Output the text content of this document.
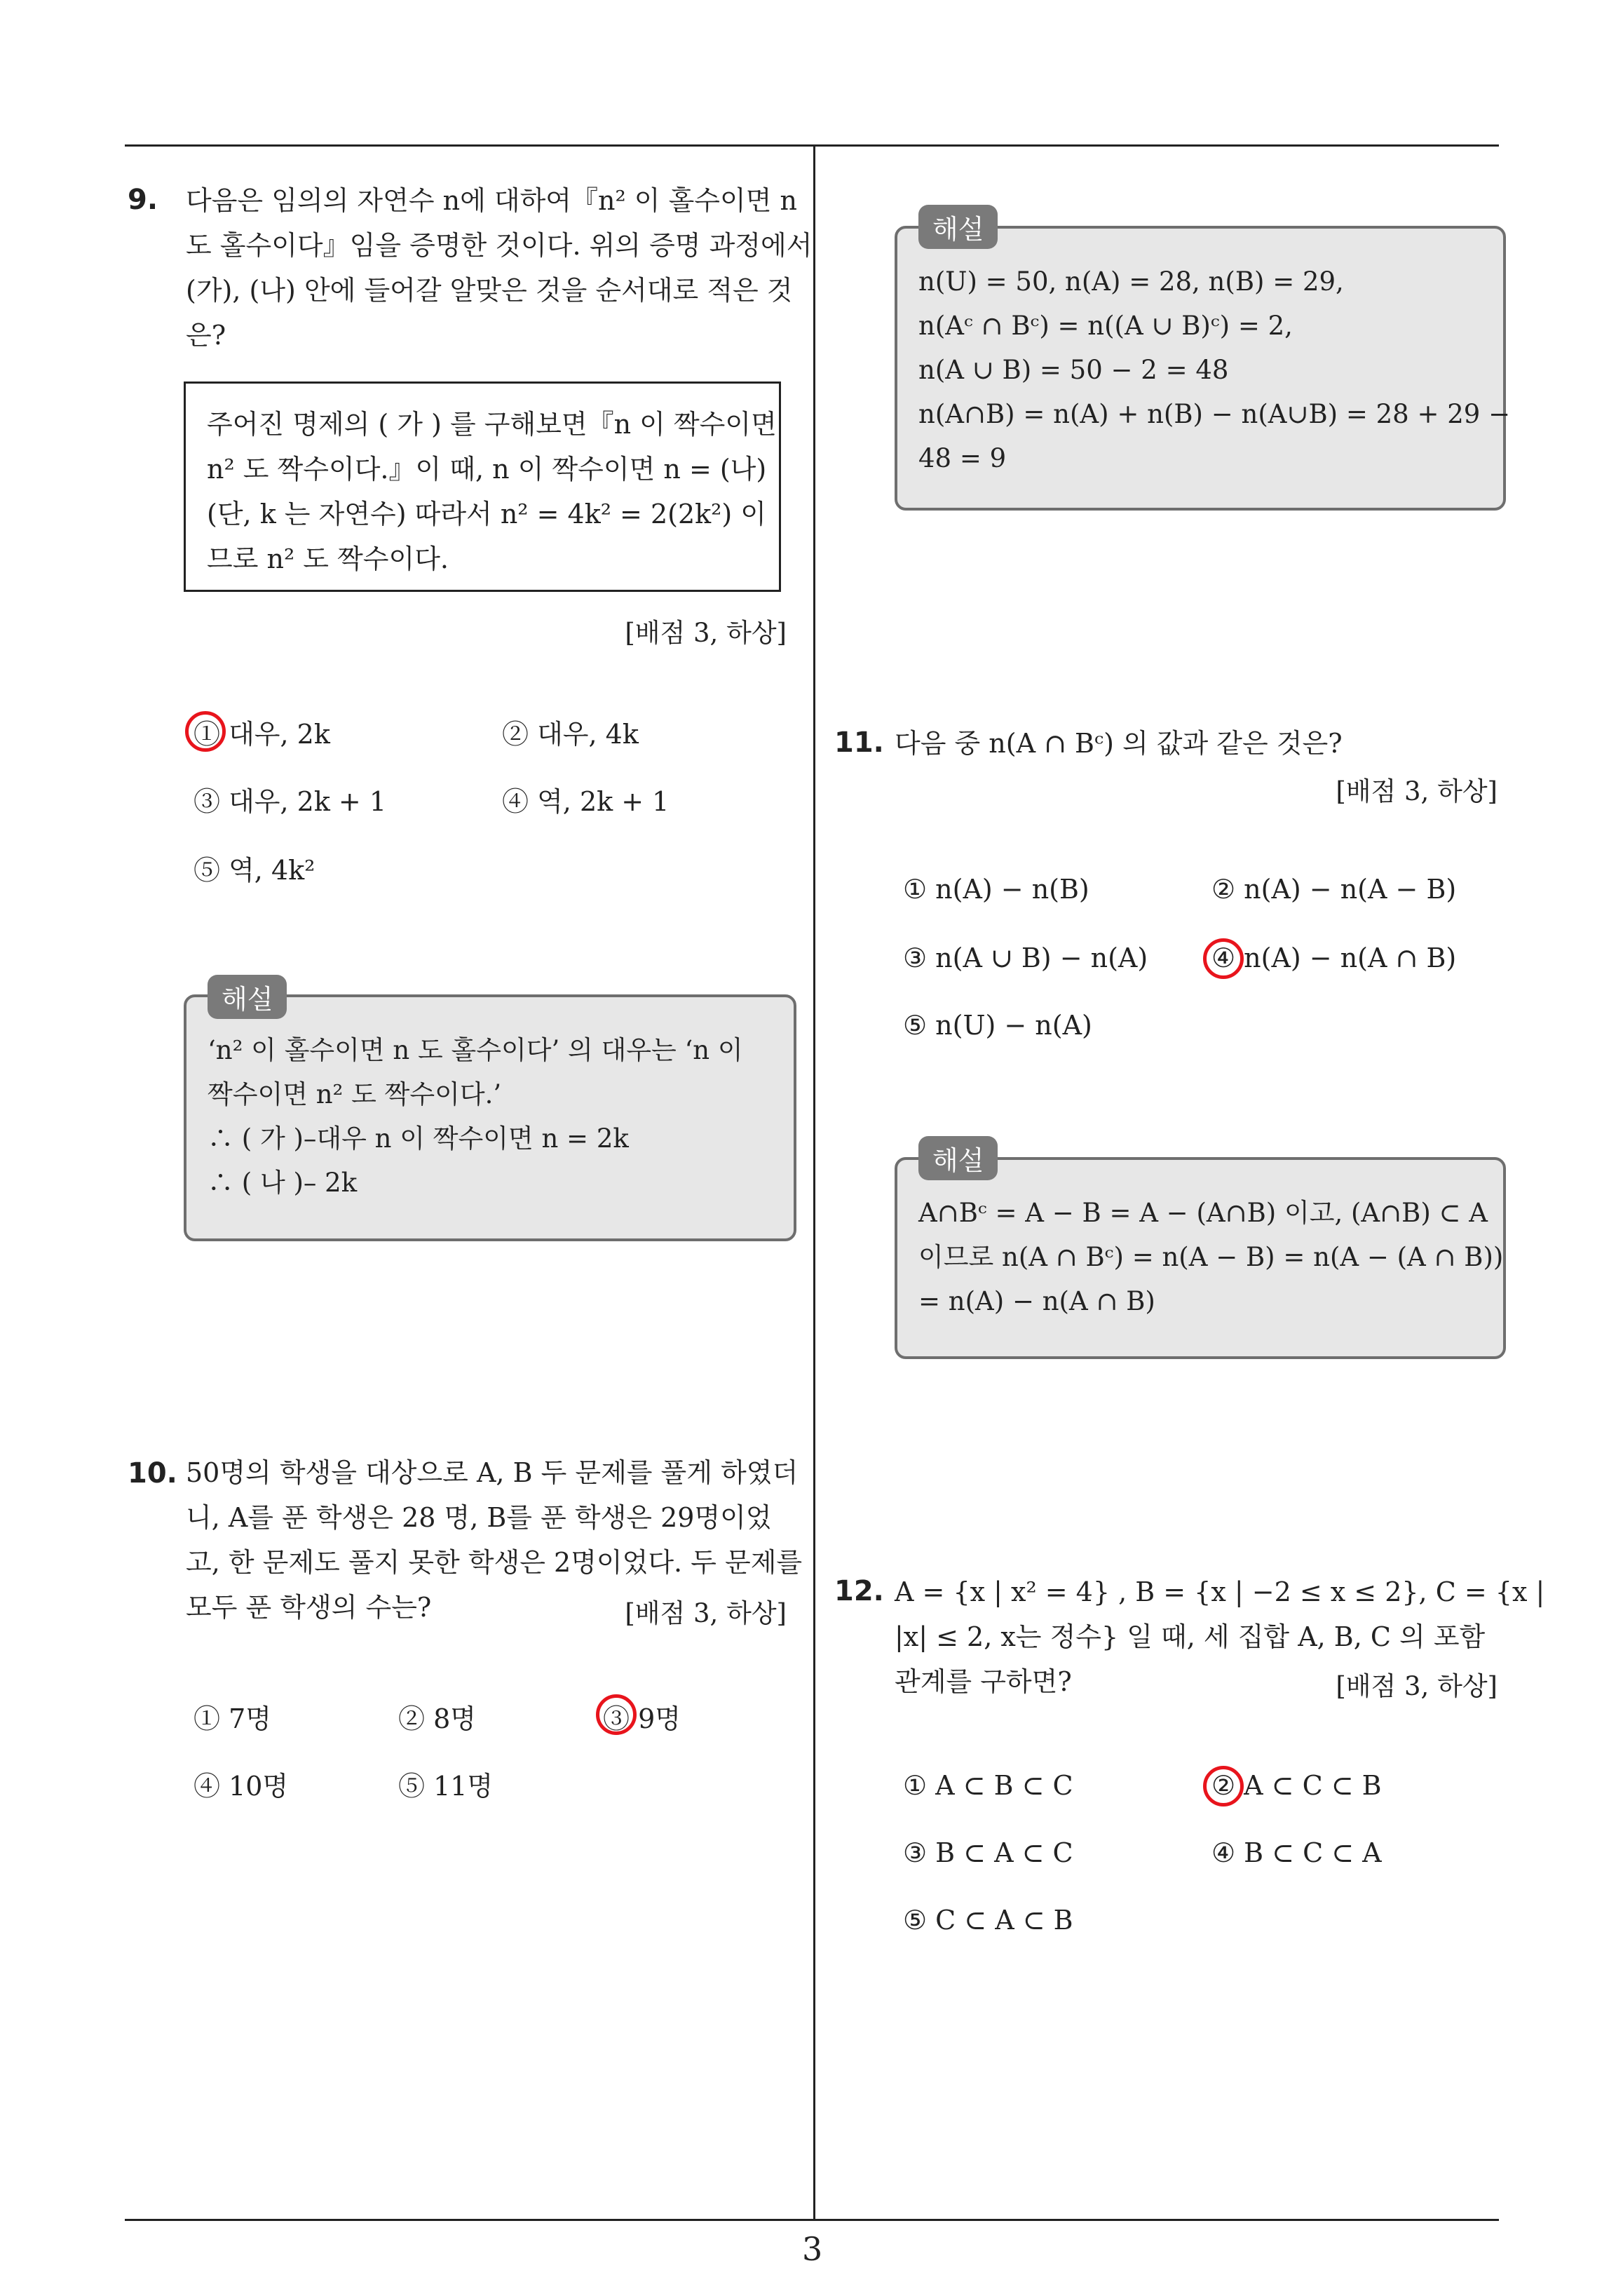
9. 다음은 임의의 자연수 n에 대하여『n² 이 홀수이면 n
도 홀수이다』임을 증명한 것이다. 위의 증명 과정에서
(가), (나) 안에 들어갈 알맞은 것을 순서대로 적은 것
은?
주어진 명제의 ( 가 ) 를 구해보면『n 이 짝수이면
n² 도 짝수이다.』이 때, n 이 짝수이면 n = (나)
(단, k 는 자연수) 따라서 n² = 4k² = 2(2k²) 이
므로 n² 도 짝수이다.
[배점 3, 하상]
① 대우, 2k	② 대우, 4k
③ 대우, 2k + 1	④ 역, 2k + 1
⑤ 역, 4k²
‘n² 이 홀수이면 n 도 홀수이다’ 의 대우는 ‘n 이
짝수이면 n² 도 짝수이다.’
∴ ( 가 )–대우 n 이 짝수이면 n = 2k
∴ ( 나 )– 2k
해설
10. 50명의 학생을 대상으로 A, B 두 문제를 풀게 하였더
니, A를 푼 학생은 28 명, B를 푼 학생은 29명이었
고, 한 문제도 풀지 못한 학생은 2명이었다. 두 문제를
모두 푼 학생의 수는?	[배점 3, 하상]
① 7명	② 8명	③ 9명
④ 10명	⑤ 11명
n(U) = 50, n(A) = 28, n(B) = 29,
n(Aᶜ ∩ Bᶜ) = n((A ∪ B)ᶜ) = 2,
n(A ∪ B) = 50 − 2 = 48
n(A∩B) = n(A) + n(B) − n(A∪B) = 28 + 29 −
48 = 9
해설
11. 다음 중 n(A ∩ Bᶜ) 의 값과 같은 것은?
[배점 3, 하상]
① n(A) − n(B)	② n(A) − n(A − B)
③ n(A ∪ B) − n(A) ④ n(A) − n(A ∩ B)
⑤ n(U) − n(A)
A∩Bᶜ = A − B = A − (A∩B) 이고, (A∩B) ⊂ A
이므로 n(A ∩ Bᶜ) = n(A − B) = n(A − (A ∩ B))
= n(A) − n(A ∩ B)
해설
12. A = {x | x² = 4} , B = {x | −2 ≤ x ≤ 2}, C = {x |
|x| ≤ 2, x는 정수} 일 때, 세 집합 A, B, C 의 포함
관계를 구하면?	[배점 3, 하상]
① A ⊂ B ⊂ C	② A ⊂ C ⊂ B
③ B ⊂ A ⊂ C	④ B ⊂ C ⊂ A
⑤ C ⊂ A ⊂ B
3
